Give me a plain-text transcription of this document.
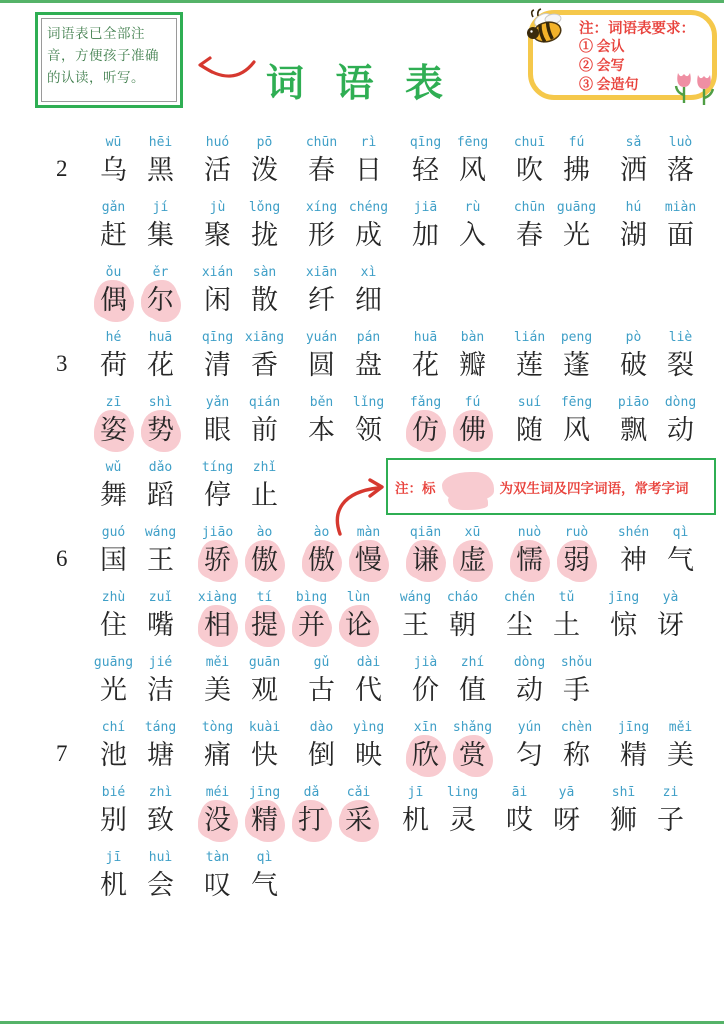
词语表已全部注音，方便孩子准确的认读，听写。	词 语 表
注：词语表要求：
① 会认
② 会写
③ 会造句
2
wū
乌
hēi
黑
huó
活
pō
泼
chūn
春
rì
日
qīng
轻
fēng
风
chuī
吹
fú
拂
sǎ
洒
luò
落
gǎn
赶
jí
集
jù
聚
lǒng
拢
xíng
形
chéng
成
jiā
加
rù
入
chūn
春
guāng
光
hú
湖
miàn
面
ǒu
偶
ěr
尔
xián
闲
sàn
散
xiān
纤
xì
细
3
hé
荷
huā
花
qīng
清
xiāng
香
yuán
圆
pán
盘
huā
花
bàn
瓣
lián
莲
peng
蓬
pò
破
liè
裂
zī
姿
shì
势
yǎn
眼
qián
前
běn
本
lǐng
领
fǎng
仿
fú
佛
suí
随
fēng
风
piāo
飘
dòng
动
wǔ
舞
dǎo
蹈
tíng
停
zhǐ
止
6
guó
国
wáng
王
jiāo
骄
ào
傲
ào
傲
màn
慢
qiān
谦
xū
虚
nuò
懦
ruò
弱
shén
神
qì
气
zhù
住
zuǐ
嘴
xiàng
相
tí
提
bìng
并
lùn
论
wáng
王
cháo
朝
chén
尘
tǔ
土
jīng
惊
yà
讶
guāng
光
jié
洁
měi
美
guān
观
gǔ
古
dài
代
jià
价
zhí
值
dòng
动
shǒu
手
7
chí
池
táng
塘
tòng
痛
kuài
快
dào
倒
yìng
映
xīn
欣
shǎng
赏
yún
匀
chèn
称
jīng
精
měi
美
bié
别
zhì
致
méi
没
jīng
精
dǎ
打
cǎi
采
jī
机
ling
灵
āi
哎
yā
呀
shī
狮
zi
子
jī
机
huì
会
tàn
叹
qì
气
注：标	为双生词及四字词语，常考字词
